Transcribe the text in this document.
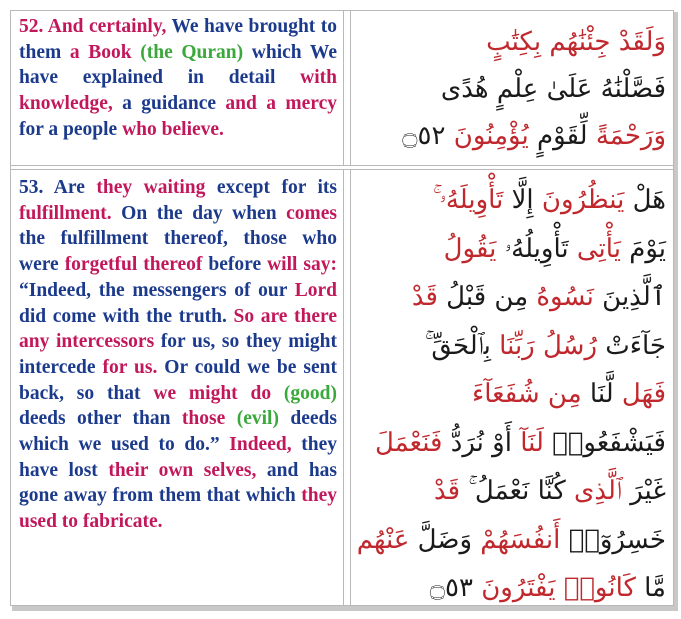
52. And certainly, We have brought to them a Book (the Quran) which We have explained in detail with knowledge, a guidance and a mercy for a people who believe.
وَلَقَدْ جِئْنَٰهُم بِكِتَٰبٍ
فَصَّلْنَٰهُ عَلَىٰ عِلْمٍ هُدًى
وَرَحْمَةً لِّقَوْمٍ يُؤْمِنُونَ ۝٥٢
53. Are they waiting except for its fulfillment. On the day when comes the fulfillment thereof, those who were forgetful thereof before will say: “Indeed, the messengers of our Lord did come with the truth. So are there any intercessors for us, so they might intercede for us. Or could we be sent back, so that we might do (good) deeds other than those (evil) deeds which we used to do.” Indeed, they have lost their own selves, and has gone away from them that which they used to fabricate.
هَلْ يَنظُرُونَ إِلَّا تَأْوِيلَهُۥ ۚ
يَوْمَ يَأْتِى تَأْوِيلُهُۥ يَقُولُ
ٱلَّذِينَ نَسُوهُ مِن قَبْلُ قَدْ
جَآءَتْ رُسُلُ رَبِّنَا بِٱلْحَقِّ ۚ
فَهَل لَّنَا مِن شُفَعَآءَ
فَيَشْفَعُوا۟ لَنَآ أَوْ نُرَدُّ فَنَعْمَلَ
غَيْرَ ٱلَّذِى كُنَّا نَعْمَلُ ۚ قَدْ
خَسِرُوٓا۟ أَنفُسَهُمْ وَضَلَّ عَنْهُم
مَّا كَانُوا۟ يَفْتَرُونَ ۝٥٣
